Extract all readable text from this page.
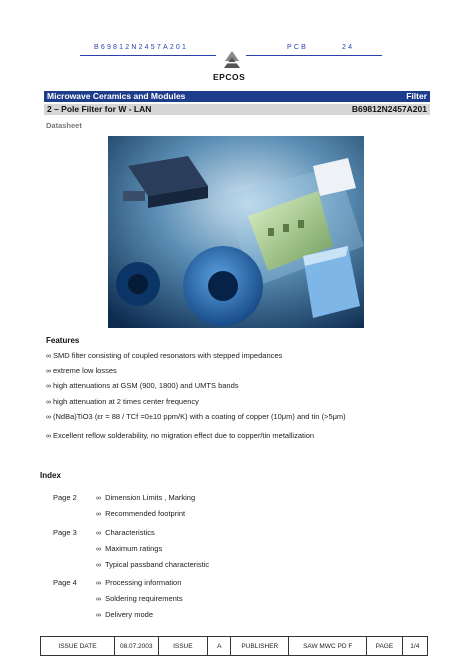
B69812N2457A201	PCB	24
EPCOS
Microwave Ceramics and Modules	Filter
2 – Pole Filter for W - LAN	B69812N2457A201
Datasheet
Features
∞ SMD filter consisting of coupled resonators with stepped impedances
∞ extreme low losses
∞ high attenuations at GSM (900, 1800) and UMTS bands
∞ high attenuation at 2 times center frequency
∞ (NdBa)TiO3 (εr = 88 / TCf =0±10 ppm/K) with a coating of copper (10μm) and tin (>5μm)
∞ Excellent reflow solderability, no migration effect due to copper/tin metallization
Index
Page 2	∞ Dimension Limits , Marking
∞ Recommended footprint
Page 3	∞ Characteristics
∞ Maximum ratings
∞ Typical passband characteristic
Page 4	∞ Processing information
∞ Soldering requirements
∞ Delivery mode
ISSUE DATE	08.07.2003	ISSUE	A	PUBLISHER	SAW MWC PD F	PAGE	1/4
